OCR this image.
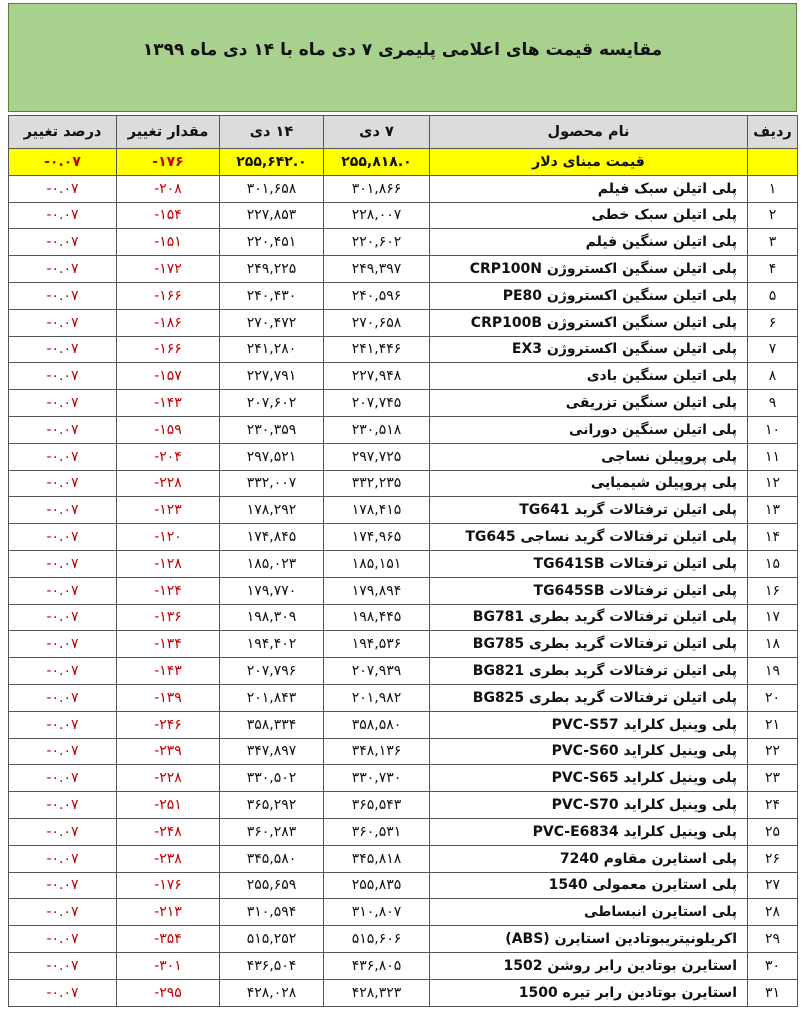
مقایسه قیمت های اعلامی پلیمری ۷ دی ماه با ۱۴ دی ماه ۱۳۹۹
ردیف	نام محصول	۷ دی	۱۴ دی	مقدار تغییر	درصد تغییر
	قیمت مبنای دلار	۲۵۵,۸۱۸.۰	۲۵۵,۶۴۲.۰	-۱۷۶	-۰.۰۷
۱	پلی اتیلن سبک فیلم	۳۰۱,۸۶۶	۳۰۱,۶۵۸	-۲۰۸	-۰.۰۷
۲	پلی اتیلن سبک خطی	۲۲۸,۰۰۷	۲۲۷,۸۵۳	-۱۵۴	-۰.۰۷
۳	پلی اتیلن سنگین فیلم	۲۲۰,۶۰۲	۲۲۰,۴۵۱	-۱۵۱	-۰.۰۷
۴	پلی اتیلن سنگین اکستروژن CRP100N	۲۴۹,۳۹۷	۲۴۹,۲۲۵	-۱۷۲	-۰.۰۷
۵	پلی اتیلن سنگین اکستروژن PE80	۲۴۰,۵۹۶	۲۴۰,۴۳۰	-۱۶۶	-۰.۰۷
۶	پلی اتیلن سنگین اکستروژن CRP100B	۲۷۰,۶۵۸	۲۷۰,۴۷۲	-۱۸۶	-۰.۰۷
۷	پلی اتیلن سنگین اکستروژن EX3	۲۴۱,۴۴۶	۲۴۱,۲۸۰	-۱۶۶	-۰.۰۷
۸	پلی اتیلن سنگین بادی	۲۲۷,۹۴۸	۲۲۷,۷۹۱	-۱۵۷	-۰.۰۷
۹	پلی اتیلن سنگین تزریقی	۲۰۷,۷۴۵	۲۰۷,۶۰۲	-۱۴۳	-۰.۰۷
۱۰	پلی اتیلن سنگین دورانی	۲۳۰,۵۱۸	۲۳۰,۳۵۹	-۱۵۹	-۰.۰۷
۱۱	پلی پروپیلن نساجی	۲۹۷,۷۲۵	۲۹۷,۵۲۱	-۲۰۴	-۰.۰۷
۱۲	پلی پروپیلن شیمیایی	۳۳۲,۲۳۵	۳۳۲,۰۰۷	-۲۲۸	-۰.۰۷
۱۳	پلی اتیلن ترفتالات گرید TG641	۱۷۸,۴۱۵	۱۷۸,۲۹۲	-۱۲۳	-۰.۰۷
۱۴	پلی اتیلن ترفتالات گرید نساجی TG645	۱۷۴,۹۶۵	۱۷۴,۸۴۵	-۱۲۰	-۰.۰۷
۱۵	پلی اتیلن ترفتالات TG641SB	۱۸۵,۱۵۱	۱۸۵,۰۲۳	-۱۲۸	-۰.۰۷
۱۶	پلی اتیلن ترفتالات TG645SB	۱۷۹,۸۹۴	۱۷۹,۷۷۰	-۱۲۴	-۰.۰۷
۱۷	پلی اتیلن ترفتالات گرید بطری BG781	۱۹۸,۴۴۵	۱۹۸,۳۰۹	-۱۳۶	-۰.۰۷
۱۸	پلی اتیلن ترفتالات گرید بطری BG785	۱۹۴,۵۳۶	۱۹۴,۴۰۲	-۱۳۴	-۰.۰۷
۱۹	پلی اتیلن ترفتالات گرید بطری BG821	۲۰۷,۹۳۹	۲۰۷,۷۹۶	-۱۴۳	-۰.۰۷
۲۰	پلی اتیلن ترفتالات گرید بطری BG825	۲۰۱,۹۸۲	۲۰۱,۸۴۳	-۱۳۹	-۰.۰۷
۲۱	پلی وینیل کلراید PVC-S57	۳۵۸,۵۸۰	۳۵۸,۳۳۴	-۲۴۶	-۰.۰۷
۲۲	پلی وینیل کلراید PVC-S60	۳۴۸,۱۳۶	۳۴۷,۸۹۷	-۲۳۹	-۰.۰۷
۲۳	پلی وینیل کلراید PVC-S65	۳۳۰,۷۳۰	۳۳۰,۵۰۲	-۲۲۸	-۰.۰۷
۲۴	پلی وینیل کلراید PVC-S70	۳۶۵,۵۴۳	۳۶۵,۲۹۲	-۲۵۱	-۰.۰۷
۲۵	پلی وینیل کلراید PVC-E6834	۳۶۰,۵۳۱	۳۶۰,۲۸۳	-۲۴۸	-۰.۰۷
۲۶	پلی استایرن مقاوم 7240	۳۴۵,۸۱۸	۳۴۵,۵۸۰	-۲۳۸	-۰.۰۷
۲۷	پلی استایرن معمولی 1540	۲۵۵,۸۳۵	۲۵۵,۶۵۹	-۱۷۶	-۰.۰۷
۲۸	پلی استایرن انبساطی	۳۱۰,۸۰۷	۳۱۰,۵۹۴	-۲۱۳	-۰.۰۷
۲۹	اکریلونیتریبوتادین استایرن (ABS)	۵۱۵,۶۰۶	۵۱۵,۲۵۲	-۳۵۴	-۰.۰۷
۳۰	استایرن بوتادین رابر روشن 1502	۴۳۶,۸۰۵	۴۳۶,۵۰۴	-۳۰۱	-۰.۰۷
۳۱	استایرن بوتادین رابر تیره 1500	۴۲۸,۳۲۳	۴۲۸,۰۲۸	-۲۹۵	-۰.۰۷
